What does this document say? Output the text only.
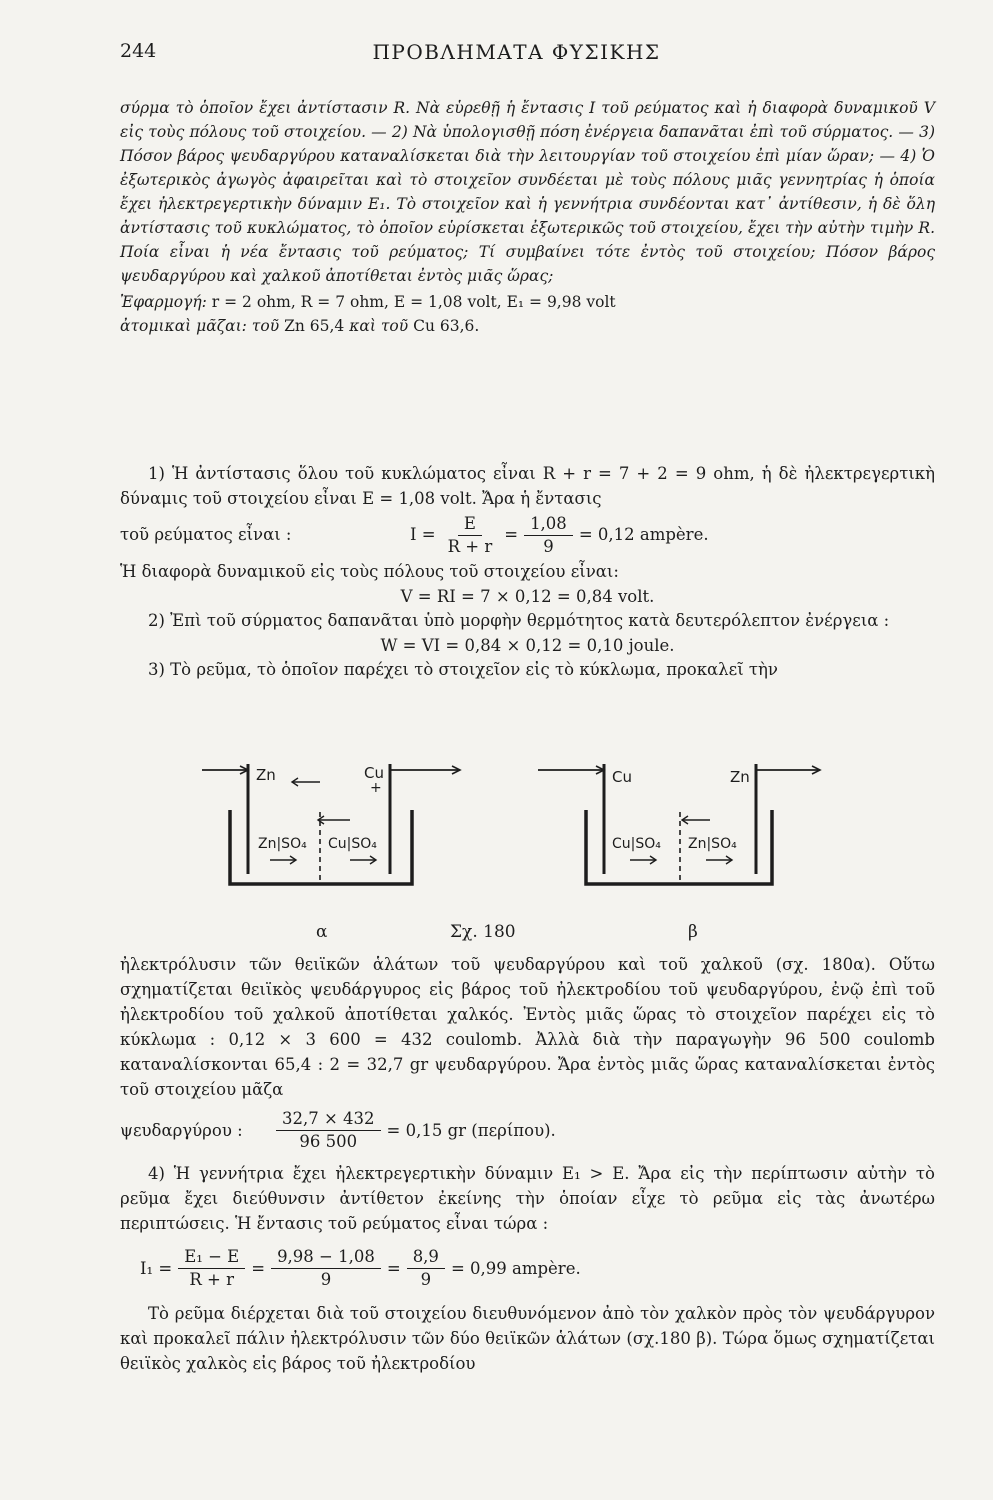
244	ΠΡΟΒΛΗΜΑΤΑ ΦΥΣΙΚΗΣ

σύρμα τὸ ὁποῖον ἔχει ἀντίστασιν R. Νὰ εὑρεθῇ ἡ ἔντασις I τοῦ ρεύματος καὶ ἡ διαφορὰ δυναμικοῦ V εἰς τοὺς πόλους τοῦ στοιχείου. — 2) Νὰ ὑπολογισθῇ πόση ἐνέργεια δαπανᾶται ἐπὶ τοῦ σύρματος. — 3) Πόσον βάρος ψευδαργύρου καταναλίσκεται διὰ τὴν λειτουργίαν τοῦ στοιχείου ἐπὶ μίαν ὥραν; — 4) Ὁ ἐξωτερικὸς ἀγωγὸς ἀφαιρεῖται καὶ τὸ στοιχεῖον συνδέεται μὲ τοὺς πόλους μιᾶς γεννητρίας ἡ ὁποία ἔχει ἠλεκτρεγερτικὴν δύναμιν E₁. Τὸ στοιχεῖον καὶ ἡ γεννήτρια συνδέονται κατ᾿ ἀντίθεσιν, ἡ δὲ ὅλη ἀντίστασις τοῦ κυκλώματος, τὸ ὁποῖον εὑρίσκεται ἐξωτερικῶς τοῦ στοιχείου, ἔχει τὴν αὐτὴν τιμὴν R. Ποία εἶναι ἡ νέα ἔντασις τοῦ ρεύματος; Τί συμβαίνει τότε ἐντὸς τοῦ στοιχείου; Πόσον βάρος ψευδαργύρου καὶ χαλκοῦ ἀποτίθεται ἐντὸς μιᾶς ὥρας;

Ἐφαρμογή: r = 2 ohm, R = 7 ohm, E = 1,08 volt, E₁ = 9,98 volt

ἀτομικαὶ μᾶζαι: τοῦ Zn 65,4 καὶ τοῦ Cu 63,6.

1) Ἡ ἀντίστασις ὅλου τοῦ κυκλώματος εἶναι R + r = 7 + 2 = 9 ohm, ἡ δὲ ἠλεκτρεγερτικὴ δύναμις τοῦ στοιχείου εἶναι E = 1,08 volt. Ἄρα ἡ ἔντασις

τοῦ ρεύματος εἶναι :	$I = \frac{E}{R + r} = \frac{1,08}{9} = 0,12$ ampère.

Ἡ διαφορὰ δυναμικοῦ εἰς τοὺς πόλους τοῦ στοιχείου εἶναι:

V = RI = 7 × 0,12 = 0,84 volt.

2) Ἐπὶ τοῦ σύρματος δαπανᾶται ὑπὸ μορφὴν θερμότητος κατὰ δευτερόλεπτον ἐνέργεια :

W = VI = 0,84 × 0,12 = 0,10 joule.

3) Τὸ ρεῦμα, τὸ ὁποῖον παρέχει τὸ στοιχεῖον εἰς τὸ κύκλωμα, προκαλεῖ τὴν

Zn	Cu
+
Zn|SO₄ Cu|SO₄
Cu	Zn
Cu|SO₄ Zn|SO₄
α	Σχ. 180	β

ἠλεκτρόλυσιν τῶν θειϊκῶν ἁλάτων τοῦ ψευδαργύρου καὶ τοῦ χαλκοῦ (σχ. 180α). Οὕτω σχηματίζεται θειϊκὸς ψευδάργυρος εἰς βάρος τοῦ ἠλεκτροδίου τοῦ ψευδαργύρου, ἐνῷ ἐπὶ τοῦ ἠλεκτροδίου τοῦ χαλκοῦ ἀποτίθεται χαλκός. Ἐντὸς μιᾶς ὥρας τὸ στοιχεῖον παρέχει εἰς τὸ κύκλωμα : 0,12 × 3 600 = 432 coulomb. Ἀλλὰ διὰ τὴν παραγωγὴν 96 500 coulomb καταναλίσκονται 65,4 : 2 = 32,7 gr ψευδαργύρου. Ἄρα ἐντὸς μιᾶς ὥρας καταναλίσκεται ἐντὸς τοῦ στοιχείου μᾶζα

ψευδαργύρου :	$\frac{32,7 \times 432}{96 500} = 0,15$ gr (περίπου).

4) Ἡ γεννήτρια ἔχει ἠλεκτρεγερτικὴν δύναμιν E₁ > E. Ἄρα εἰς τὴν περίπτωσιν αὐτὴν τὸ ρεῦμα ἔχει διεύθυνσιν ἀντίθετον ἐκείνης τὴν ὁποίαν εἶχε τὸ ρεῦμα εἰς τὰς ἀνωτέρω περιπτώσεις. Ἡ ἔντασις τοῦ ρεύματος εἶναι τώρα :

$I_1 = \frac{\text{E₁ − E}}{R + r} = \frac{9,98 - 1,08}{9} = \frac{8,9}{9} = 0,99$ ampère.

Τὸ ρεῦμα διέρχεται διὰ τοῦ στοιχείου διευθυνόμενον ἀπὸ τὸν χαλκὸν πρὸς τὸν ψευδάργυρον καὶ προκαλεῖ πάλιν ἠλεκτρόλυσιν τῶν δύο θειϊκῶν ἁλάτων (σχ.180 β). Τώρα ὅμως σχηματίζεται θειϊκὸς χαλκὸς εἰς βάρος τοῦ ἠλεκτροδίου
